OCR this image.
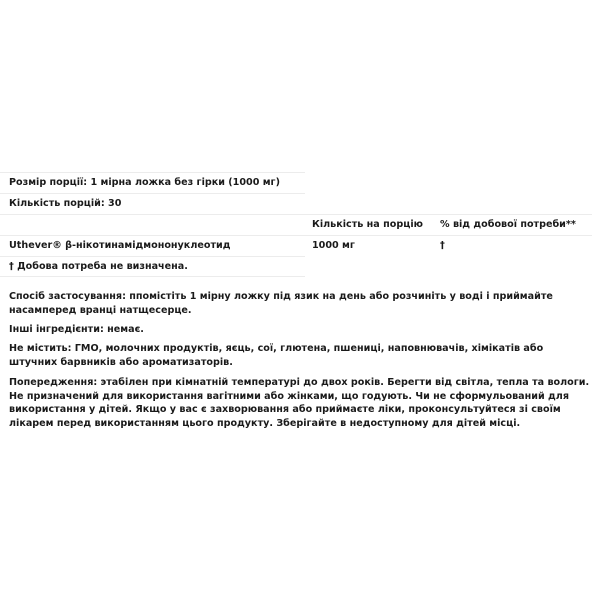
Розмір порції: 1 мірна ложка без гірки (1000 мг)
Кількість порцій: 30
Кількість на порцію % від добової потреби**
Uthever® β-нікотинамідмононуклеотид	1000 мг	†
† Добова потреба не визначена.

Спосіб застосування: ппомістіть 1 мірну ложку під язик на день або розчиніть у воді і приймайте насамперед вранці натщесерце.

Інші інгредієнти: немає.

Не містить: ГМО, молочних продуктів, яєць, сої, глютена, пшениці, наповнювачів, хімікатів або штучних барвників або ароматизаторів.

Попередження: этабілен при кімнатній температурі до двох років. Берегти від світла, тепла та вологи. Не призначений для використання вагітними або жінками, що годують. Чи не сформульований для використання у дітей. Якщо у вас є захворювання або приймаєте ліки, проконсультуйтеся зі своїм лікарем перед використанням цього продукту. Зберігайте в недоступному для дітей місці.
